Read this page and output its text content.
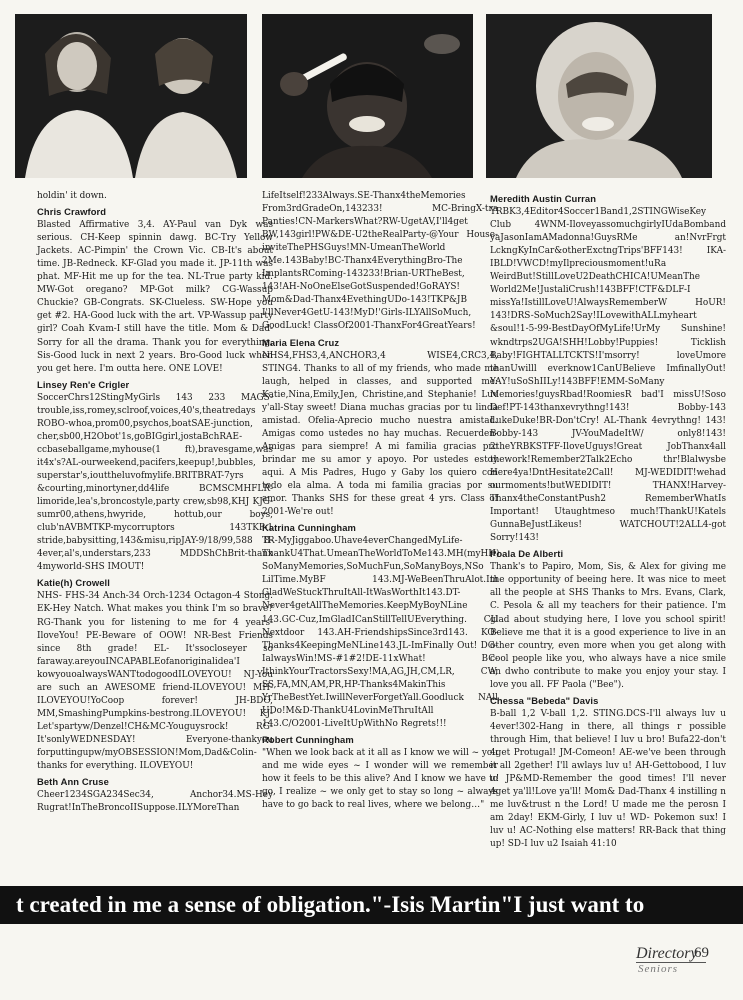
holdin' it down.

Chris Crawford

Blasted Affirmative 3,4. AY-Paul van Dyk was serious. CH-Keep spinnin dawg. BC-Try Yellow Jackets. AC-Pimpin' the Crown Vic. CB-It's about time. JB-Redneck. KF-Glad you made it. JP-11th was phat. MF-Hit me up for the tea. NL-True party kid. MW-Got oregano? MP-Got milk? CG-Wassup Chuckie? GB-Congrats. SK-Clueless. SW-Hope you get #2. HA-Good luck with the art. VP-Wassup party girl? Coah Kvam-I still have the title. Mom & Dad-Sorry for all the drama. Thank you for everything. Sis-Good luck in next 2 years. Bro-Good luck when you get here. I'm outta here. ONE LOVE!

Linsey Ren'e Crigler

SoccerChrs12StingMyGirls 143 233 MAGS-trouble,iss,romey,sclroof,voices,40's,theatredays ROBO-whoa,prom00,psychos,boatSAE-junction, cher,sb00,H2Obot'1s,goBIGgirl,jostaBchRAE-ccbaseballgame,myhouse(1 ft),bravesgame,was it4x's?AL-ourweekend,pacifers,keepup!,bubbles, superstar's,iouttheluvofmylife.BRITBRAT-7yrs &courting,minortyner,dd4life BCMSCMHFLR-limoride,lea's,broncostyle,party crew,sb98,KHJ KJG-sumr00,athens,hwyride, hottub,our boys, club'nAVBMTKP-mycorruptors 143TKP-1 stride,babysitting,143&misu,ripJAY-9/18/99,588 8-4ever,al's,understars,233 MDDShChBrit-thanx 4myworld-SHS IMOUT!

Katie(h) Crowell

NHS- FHS-34 Anch-34 Orch-1234 Octagon-4 Stong. EK-Hey Natch. What makes you think I'm so brave? RG-Thank you for listening to me for 4 years-IloveYou! PE-Beware of OOW! NR-Best Friends since 8th grade! EL- It'ssocloseyer so faraway.areyouINCAPABLEofanoriginalidea'I kowyouoalwaysWANTtodogoodILOVEYOU! NJ-You are such an AWESOME friend-ILOVEYOU! MH-ILOVEYOU!YoCoop forever! JH-BDO, MM,SmashingPumpkins-bestrong.ILOVEYOU! KJ-Let'spartyw/Denzel!CH&MC-Youguysrock! RG-It'sonlyWEDNESDAY! Everyone-thankyou forputtingupw/myOBSESSION!Mom,Dad&Colin-thanks for everything. ILOVEYOU!

Beth Ann Cruse

Cheer1234SGA234Sec34, Anchor34.MS-Hey Rugrat!InTheBroncoIISuppose.ILYMoreThan

LifeItself!233Always.SE-Thanx4theMemories From3rdGradeOn,143233! MC-BringX-tra Panties!CN-MarkersWhat?RW-UgetAV,I'll4get BW,143girl!PW&DE-U2theRealParty-@Your House-inviteThePHSGuys!MN-UmeanTheWorld 2Me.143Baby!BC-Thanx4EverythingBro-The ImplantsRComing-143233!Brian-URTheBest, 143!AH-NoOneElseGotSuspended!GoRAYS! Mom&Dad-Thanx4EvethingUDo-143!TKP&JB I'llNever4GetU-143!MyD!'Girls-ILYAllSoMuch, GoodLuck! ClassOf2001-ThanxFor4GreatYears!

Maria Elena Cruz

NHS4,FHS3,4,ANCHOR3,4 WISE4,CRC3,4, STING4. Thanks to all of my friends, who made me laugh, helped in classes, and supported me: Katie,Nina,Emily,Jen, Christine,and Stephanie! Luv y'all-Stay sweet! Diana muchas gracias por tu linda amistad. Ofelia-Aprecio mucho nuestra amistad. Amigas como ustedes no hay muchas. Recuerden-Amigas para siempre! A mi familia gracias pro brindar me su amor y apoyo. Por ustedes estoy aqui. A Mis Padres, Hugo y Gaby los quiero con todo ela alma. A toda mi familia gracias por su amor. Thanks SHS for these great 4 yrs. Class of 2001-We're out!

Katrina Cunningham

TR-MyJiggaboo.Uhave4everChangedMyLife-ThankU4That.UmeanTheWorldToMe143.MH(myHH) SoManyMemories,SoMuchFun,SoManyBoys,NSo LilTime.MyBF 143.MJ-WeBeenThruAlot.Im GladWeStuckThruItAll-ItWasWorthIt143.DT-Never4getAllTheMemories.KeepMyBoyNLine 143.GC-Cuz,ImGladICanStillTellUEverything. CU Nextdoor 143.AH-FriendshipsSince3rd143. KO-Thanks4KeepingMeNLine143.JL-ImFinally Out! DG-IalwaysWin!MS-#1#2!DE-11xWhat! BC-IthinkYourTractorsSexy!MA,AG,JH,CM,LR, CW, SS,FA,MN,AM,PR,HP-Thanks4MakinThis YrTheBestYet.IwillNeverForgetYall.Goodluck NAll UDo!M&D-ThankU4LovinMeThruItAll 143.C/O2001-LiveItUpWithNo Regrets!!!

Robert Cunningham

"When we look back at it all as I know we will ~ you and me wide eyes ~ I wonder will we remember how it feels to be this alive? And I know we have to go, I realize ~ we only get to stay so long ~ always have to go back to real lives, where we belong…"

Meredith Austin Curran

YRBK3,4Editor4Soccer1Band1,2STINGWiseKey Club 4WNM-IloveyassomuchgirlyIUdaBomband yaJasonIamAMadonna!GuysRMe an!NvrFrgt LckngKyInCar&otherExctngTrips'BFF143! IKA-IBLD!VWCD!myIlpreciousmoment!uRa WeirdBut!StillLoveU2DeathCHICA!UMeanThe World2Me!JustaliCrush!143BFF!CTF&DLF-I missYa!IstillLoveU!AlwaysRememberW HoUR! 143!DRS-SoMuch2Say!ILovewithALLmyheart &soul!1-5-99-BestDayOfMyLife!UrMy Sunshine! wkndtrps2UGA!SHH!Lobby!Puppies! Ticklish Baby!FIGHTALLTCKTS!I'msorry! loveUmore thanUwilll everknow1CanUBelieve ImfinallyOut! YAY!uSoShIILy!143BFF!EMM-SoMany Memories!guysRbad!RoomiesR bad'I missU!Soso Def!PT-143thanxevrythng!143! Bobby-143 LukeDuke!BR-Don'tCry! AL-Thank 4evrythng! 143! Bobby-143 JV-YouMadeItW/ only8!143! 2theYRBKSTFF-IloveUguys!Great JobThanx4all thework!Remember2Talk2Echo thr!Blalwysbe Here4ya!DntHesitate2Call! MJ-WEDIDIT!wehad ourmoments!butWEDIDIT! THANX!Harvey-Thanx4theConstantPush2 RememberWhatIs Important! Utaughtmeso much!ThankU!Katels GunnaBeJustLikeus! WATCHOUT!2ALL4-got Sorry!143!

Poala De Alberti

Thank's to Papiro, Mom, Sis, & Alex for giving me the opportunity of beeing here. It was nice to meet all the people at SHS Thanks to Mrs. Evans, Clark, C. Pesola & all my teachers for their patience. I'm glad about studying here, I love you school spirit! Believe me that it is a good experience to live in an other country, even more when you get along with cool people like you, who always have a nice smile an dwho contribute to make you enjoy your stay. I love you all. FF Paola ("Bee").

Chessa "Bebeda" Davis

B-ball 1,2 V-ball 1,2. STING.DCS-I'll always luv u 4ever!302-Hang in there, all things r possible through Him, that believe! I luv u bro! Bufa22-don't 4get Protugal! JM-Comeon! AE-we've been through it all 2gether! I'll awlays luv u! AH-Gettobood, I luv u! JP&MD-Remember the good times! I'll never 4get ya'll!Love ya'll! Mom& Dad-Thanx 4 instilling n me luv&trust n the Lord! U made me the perosn I am 2day! EKM-Girly, I luv u! WD- Pokemon sux! I luv u! AC-Nothing else matters! RR-Back that thing up! SD-I luv u2 Isaiah 41:10

t created in me a sense of obligation."-Isis Martin"I just want to
Directory
69
Seniors
